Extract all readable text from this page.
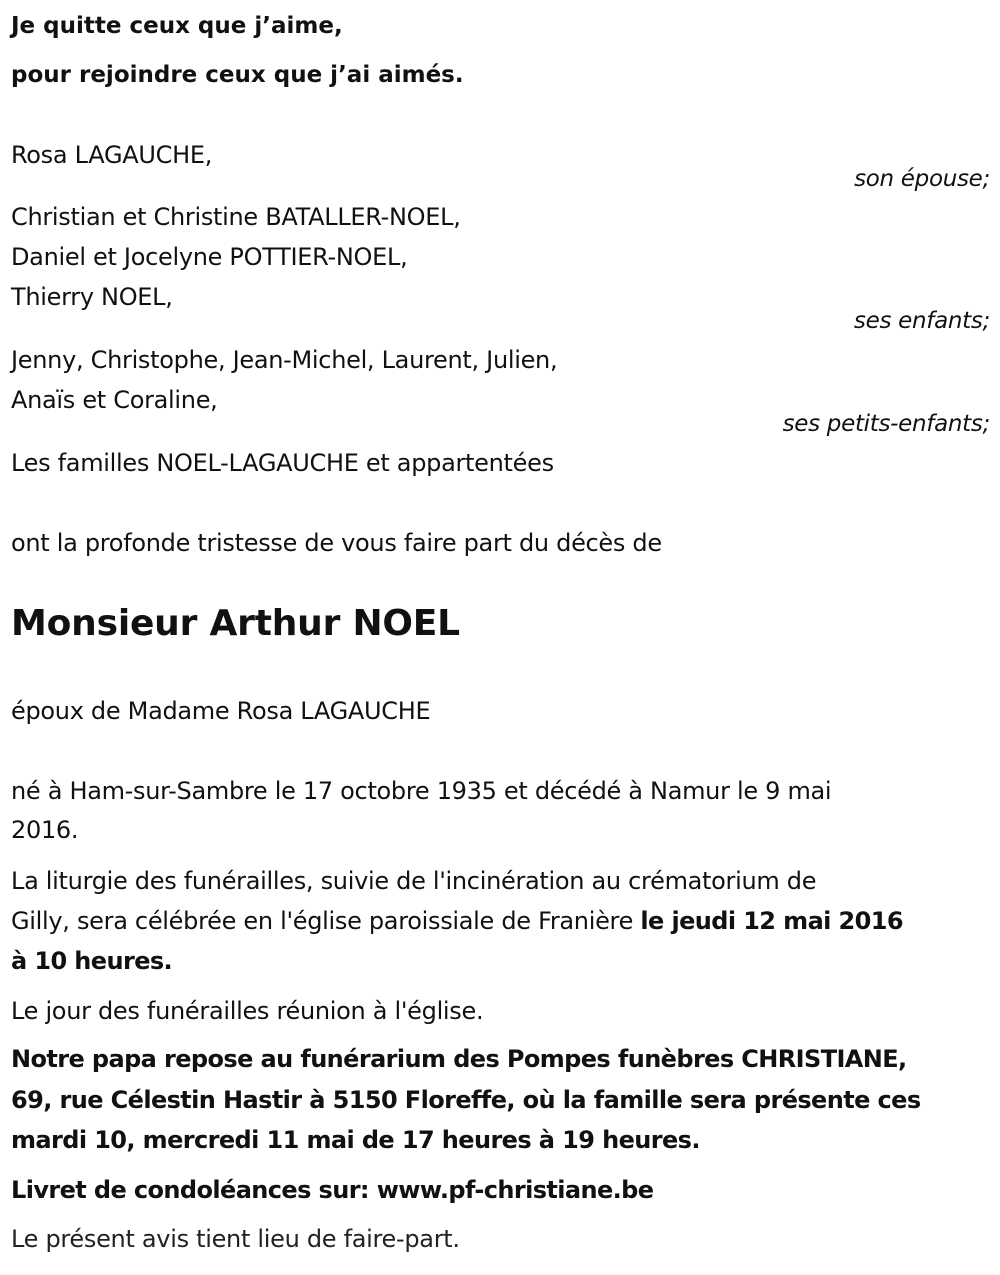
Je quitte ceux que j’aime,
pour rejoindre ceux que j’ai aimés.
Rosa LAGAUCHE,
son épouse;
Christian et Christine BATALLER-NOEL,
Daniel et Jocelyne POTTIER-NOEL,
Thierry NOEL,
ses enfants;
Jenny, Christophe, Jean-Michel, Laurent, Julien,
Anaïs et Coraline,
ses petits-enfants;
Les familles NOEL-LAGAUCHE et appartentées
ont la profonde tristesse de vous faire part du décès de
Monsieur Arthur NOEL
époux de Madame Rosa LAGAUCHE
né à Ham-sur-Sambre le 17 octobre 1935 et décédé à Namur le 9 mai
2016.
La liturgie des funérailles, suivie de l'incinération au crématorium de
Gilly, sera célébrée en l'église paroissiale de Franière le jeudi 12 mai 2016
à 10 heures.
Le jour des funérailles réunion à l'église.
Notre papa repose au funérarium des Pompes funèbres CHRISTIANE,
69, rue Célestin Hastir à 5150 Floreffe, où la famille sera présente ces
mardi 10, mercredi 11 mai de 17 heures à 19 heures.
Livret de condoléances sur: www.pf-christiane.be
Le présent avis tient lieu de faire-part.
